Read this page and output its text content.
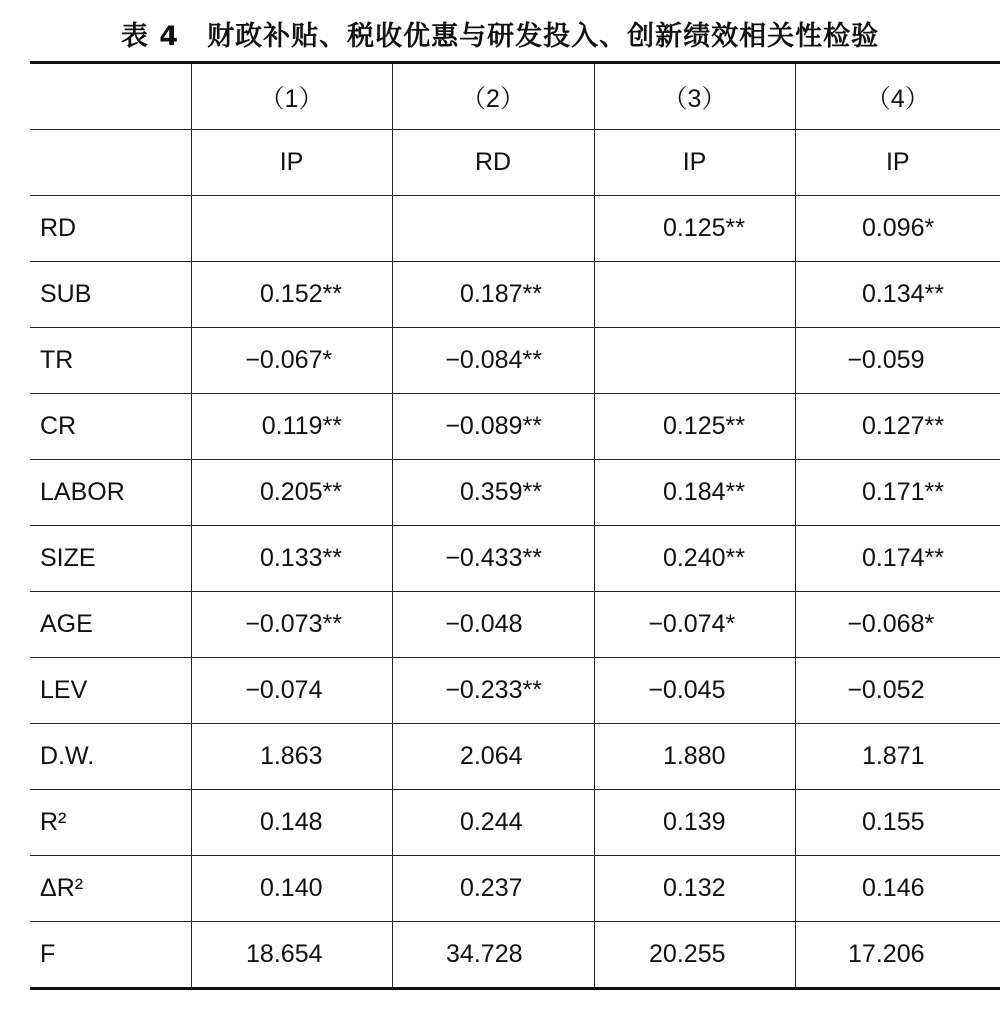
表 4　财政补贴、税收优惠与研发投入、创新绩效相关性检验
	（1）	（2）	（3）	（4）
	IP	RD	IP	IP
RD			0.125**	0.096*
SUB	0.152**	0.187**		0.134**
TR	−0.067*	−0.084**		−0.059
CR	0.119**	−0.089**	0.125**	0.127**
LABOR	0.205**	0.359**	0.184**	0.171**
SIZE	0.133**	−0.433**	0.240**	0.174**
AGE	−0.073**	−0.048	−0.074*	−0.068*
LEV	−0.074	−0.233**	−0.045	−0.052
D.W.	1.863	2.064	1.880	1.871
R²	0.148	0.244	0.139	0.155
ΔR²	0.140	0.237	0.132	0.146
F	18.654	34.728	20.255	17.206
